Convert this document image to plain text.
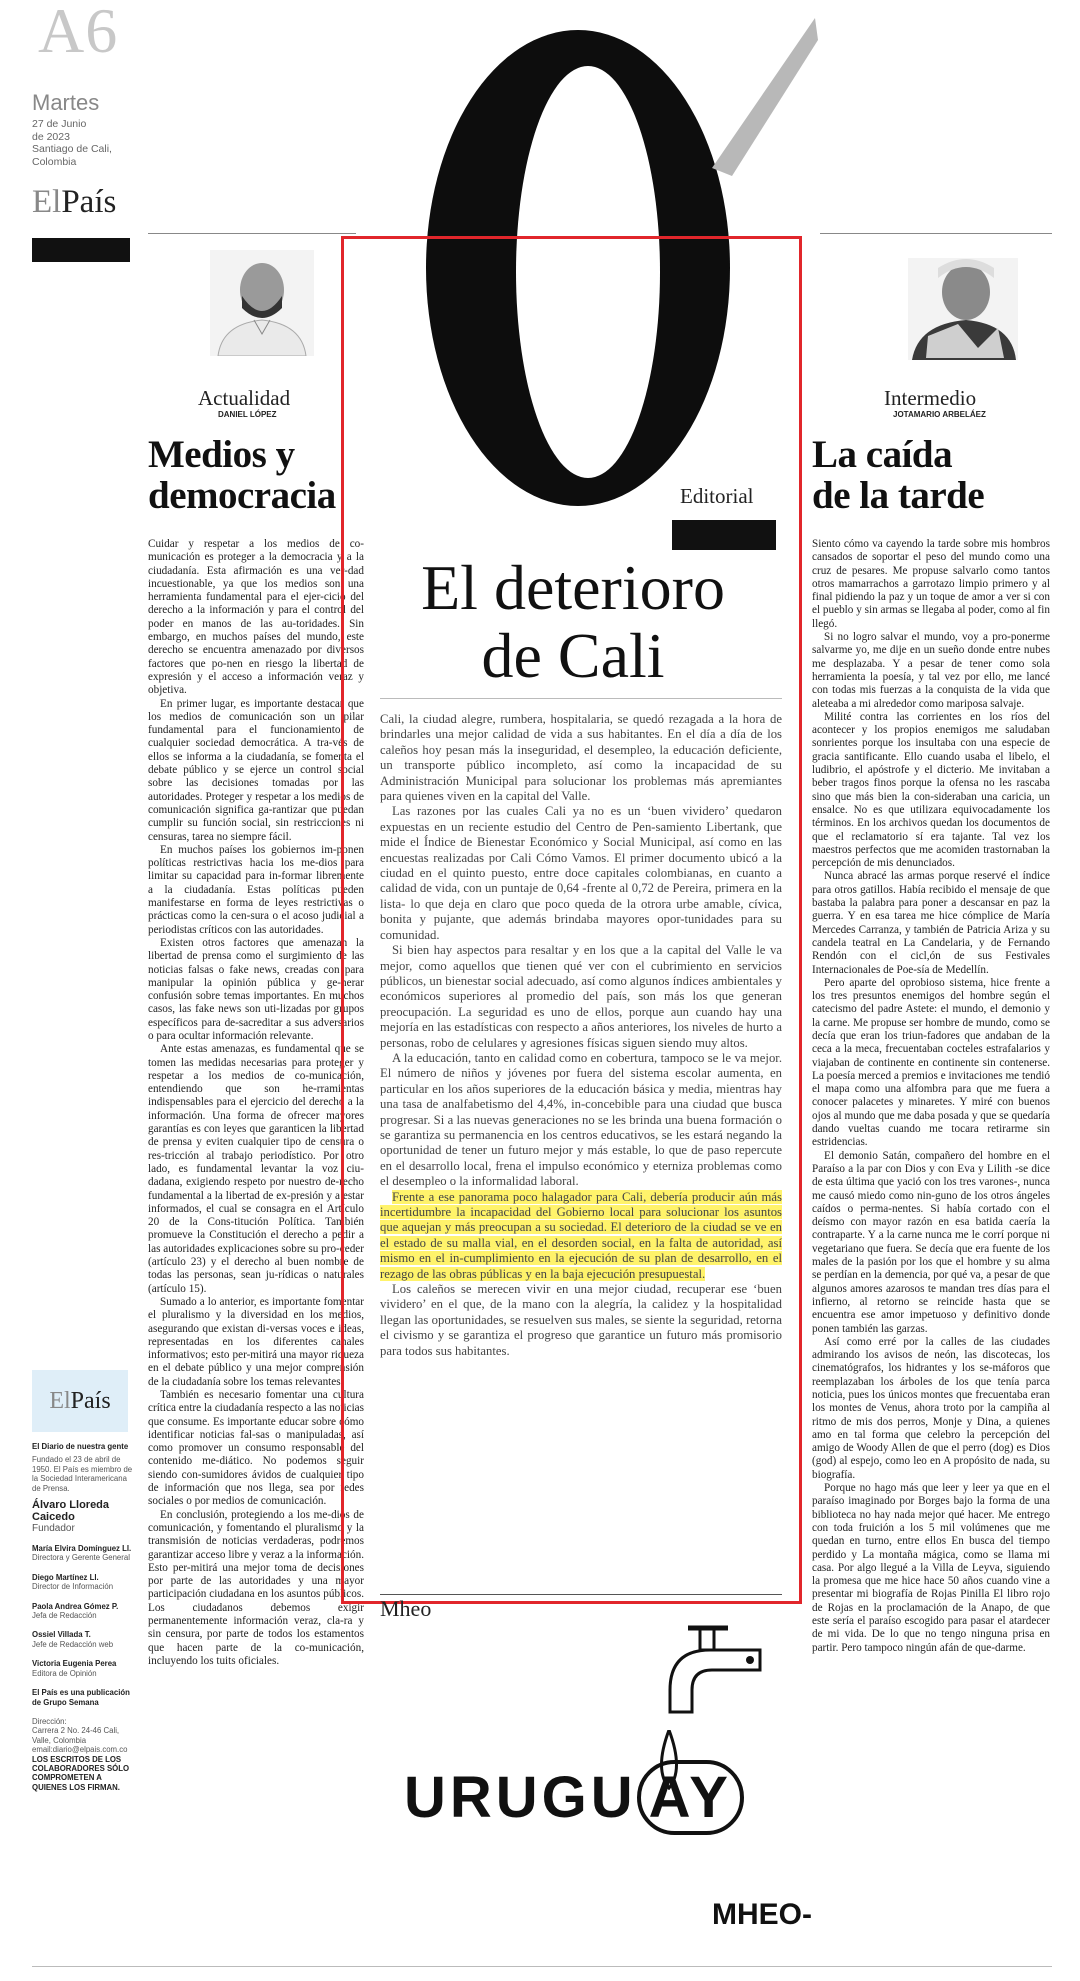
A6
Martes
27 de Junio
de 2023
Santiago de Cali,
Colombia
ElPaís
Actualidad
DANIEL LÓPEZ
Intermedio
JOTAMARIO ARBELÁEZ
Medios y
democracia

Cuidar y respetar a los medios de co-municación es proteger a la democracia y a la ciudadanía. Esta afirmación es una ver-dad incuestionable, ya que los medios son una herramienta fundamental para el ejer-cicio del derecho a la información y para el control del poder en manos de las au-toridades. Sin embargo, en muchos países del mundo, este derecho se encuentra amenazado por diversos factores que po-nen en riesgo la libertad de expresión y el acceso a información veraz y objetiva.

En primer lugar, es importante destacar que los medios de comunicación son un pilar fundamental para el funcionamiento de cualquier sociedad democrática. A tra-vés de ellos se informa a la ciudadanía, se fomenta el debate público y se ejerce un control social sobre las decisiones tomadas por las autoridades. Proteger y respetar a los medios de comunicación significa ga-rantizar que puedan cumplir su función social, sin restricciones ni censuras, tarea no siempre fácil.

En muchos países los gobiernos im-ponen políticas restrictivas hacia los me-dios para limitar su capacidad para in-formar libremente a la ciudadanía. Estas políticas pueden manifestarse en forma de leyes restrictivas o prácticas como la cen-sura o el acoso judicial a periodistas críticos con las autoridades.

Existen otros factores que amenazan la libertad de prensa como el surgimiento de las noticias falsas o fake news, creadas con para manipular la opinión pública y ge-nerar confusión sobre temas importantes. En muchos casos, las fake news son uti-lizadas por grupos específicos para de-sacreditar a sus adversarios o para ocultar información relevante.

Ante estas amenazas, es fundamental que se tomen las medidas necesarias para proteger y respetar a los medios de co-municación, entendiendo que son he-rramientas indispensables para el ejercicio del derecho a la información. Una forma de ofrecer mayores garantías es con leyes que garanticen la libertad de prensa y eviten cualquier tipo de censura o res-tricción al trabajo periodístico. Por otro lado, es fundamental levantar la voz ciu-dadana, exigiendo respeto por nuestro de-recho fundamental a la libertad de ex-presión y a estar informados, el cual se consagra en el Artículo 20 de la Cons-titución Política. También promueve la Constitución el derecho a pedir a las autoridades explicaciones sobre su pro-ceder (artículo 23) y el derecho al buen nombre de todas las personas, sean ju-rídicas o naturales (artículo 15).

Sumado a lo anterior, es importante fomentar el pluralismo y la diversidad en los medios, asegurando que existan di-versas voces e ideas, representadas en los diferentes canales informativos; esto per-mitirá una mayor riqueza en el debate público y una mejor comprensión de la ciudadanía sobre los temas relevantes.

También es necesario fomentar una cultura crítica entre la ciudadanía respecto a las noticias que consume. Es importante educar sobre cómo identificar noticias fal-sas o manipuladas, así como promover un consumo responsable del contenido me-diático. No podemos seguir siendo con-sumidores ávidos de cualquier tipo de información que nos llega, sea por redes sociales o por medios de comunicación.

En conclusión, protegiendo a los me-dios de comunicación, y fomentando el pluralismo y la transmisión de noticias verdaderas, podremos garantizar acceso libre y veraz a la información. Esto per-mitirá una mejor toma de decisiones por parte de las autoridades y una mayor participación ciudadana en los asuntos públicos. Los ciudadanos debemos exigir permanentemente información veraz, cla-ra y sin censura, por parte de todos los estamentos que hacen parte de la co-municación, incluyendo los tuits oficiales.

Editorial
El deterioro
de Cali

Cali, la ciudad alegre, rumbera, hospitalaria, se quedó rezagada a la hora de brindarles una mejor calidad de vida a sus habitantes. En el día a día de los caleños hoy pesan más la inseguridad, el desempleo, la educación deficiente, un transporte público incompleto, así como la incapacidad de su Administración Municipal para solucionar los problemas más apremiantes para quienes viven en la capital del Valle.

Las razones por las cuales Cali ya no es un ‘buen vividero’ quedaron expuestas en un reciente estudio del Centro de Pen-samiento Libertank, que mide el Índice de Bienestar Económico y Social Municipal, así como en las encuestas realizadas por Cali Cómo Vamos. El primer documento ubicó a la ciudad en el quinto puesto, entre doce capitales colombianas, en cuanto a calidad de vida, con un puntaje de 0,64 -frente al 0,72 de Pereira, primera en la lista- lo que deja en claro que poco queda de la otrora urbe amable, cívica, bonita y pujante, que además brindaba mayores opor-tunidades para su comunidad.

Si bien hay aspectos para resaltar y en los que a la capital del Valle le va mejor, como aquellos que tienen qué ver con el cubrimiento en servicios públicos, un bienestar social adecuado, así como algunos índices ambientales y económicos superiores al promedio del país, son más los que generan preocupación. La seguridad es uno de ellos, porque aun cuando hay una mejoría en las estadísticas con respecto a años anteriores, los niveles de hurto a personas, robo de celulares y agresiones físicas siguen siendo muy altos.

A la educación, tanto en calidad como en cobertura, tampoco se le va mejor. El número de niños y jóvenes por fuera del sistema escolar aumenta, en particular en los años superiores de la educación básica y media, mientras hay una tasa de analfabetismo del 4,4%, in-concebible para una ciudad que busca progresar. Si a las nuevas generaciones no se les brinda una buena formación o se garantiza su permanencia en los centros educativos, se les estará negando la oportunidad de tener un futuro mejor y más estable, lo que de paso repercute en el desarrollo local, frena el impulso económico y eterniza problemas como el desempleo o la informalidad laboral.

Frente a ese panorama poco halagador para Cali, debería producir aún más incertidumbre la incapacidad del Gobierno local para solucionar los asuntos que aquejan y más preocupan a su sociedad. El deterioro de la ciudad se ve en el estado de su malla vial, en el desorden social, en la falta de autoridad, así mismo en el in-cumplimiento en la ejecución de su plan de desarrollo, en el rezago de las obras públicas y en la baja ejecución presupuestal.

Los caleños se merecen vivir en una mejor ciudad, recuperar ese ‘buen vividero’ en el que, de la mano con la alegría, la calidez y la hospitalidad llegan las oportunidades, se resuelven sus males, se siente la seguridad, retorna el civismo y se garantiza el progreso que garantice un futuro más promisorio para todos sus habitantes.

Mheo
URUGU AY
MHEO-
La caída
de la tarde

Siento cómo va cayendo la tarde sobre mis hombros cansados de soportar el peso del mundo como una cruz de pesares. Me propuse salvarlo como tantos otros mamarrachos a garrotazo limpio primero y al final pidiendo la paz y un toque de amor a ver si con el pueblo y sin armas se llegaba al poder, como al fin llegó.

Si no logro salvar el mundo, voy a pro-ponerme salvarme yo, me dije en un sueño donde entre nubes me desplazaba. Y a pesar de tener como sola herramienta la poesía, y tal vez por ello, me lancé con todas mis fuerzas a la conquista de la vida que aleteaba a mi alrededor como mariposa salvaje.

Milité contra las corrientes en los ríos del acontecer y los propios enemigos me saludaban sonrientes porque los insultaba con una especie de gracia santificante. Ello cuando usaba el libelo, el ludibrio, el apóstrofe y el dicterio. Me invitaban a beber tragos finos porque la ofensa no les rascaba sino que más bien la con-sideraban una caricia, un ensalce. No es que utilizara equivocadamente los términos. En los archivos quedan los documentos de que el reclamatorio sí era tajante. Tal vez los maestros perfectos que me acomiden trastornaban la percepción de mis denunciados.

Nunca abracé las armas porque reservé el índice para otros gatillos. Había recibido el mensaje de que bastaba la palabra para poner a descansar en paz la guerra. Y en esa tarea me hice cómplice de María Mercedes Carranza, y también de Patricia Ariza y su candela teatral en La Candelaria, y de Fernando Rendón con el cicl,ón de sus Festivales Internacionales de Poe-sía de Medellín.

Pero aparte del oprobioso sistema, hice frente a los tres presuntos enemigos del hombre según el catecismo del padre Astete: el mundo, el demonio y la carne. Me propuse ser hombre de mundo, como se decía que eran los triun-fadores que andaban de la ceca a la meca, frecuentaban cocteles estrafalarios y viajaban de continente en continente sin contenerse. La poesía merced a premios e invitaciones me tendió el mapa como una alfombra para que me fuera a conocer palacetes y minaretes. Y miré con buenos ojos al mundo que me daba posada y que se quedaría dando vueltas cuando me tocara retirarme sin estridencias.

El demonio Satán, compañero del hombre en el Paraíso a la par con Dios y con Eva y Lilith -se dice de esta última que yació con los tres varones-, nunca me causó miedo como nin-guno de los otros ángeles caídos o perma-nentes. Si había cortado con el deísmo con mayor razón en esa batida caería la contraparte. Y a la carne nunca me le corrí porque ni vegetariano que fuera. Se decía que era fuente de los males de la pasión por los que el hombre y su alma se perdían en la demencia, por qué va, a pesar de que algunos amores azarosos te mandan tres días para el infierno, al retorno se reincide hasta que se encuentra ese amor impetuoso y definitivo donde ponen también las garzas.

Así como erré por la calles de las ciudades admirando los avisos de neón, las discotecas, los cinematógrafos, los hidrantes y los se-máforos que reemplazaban los árboles de los que tenía parca noticia, pues los únicos montes que frecuentaba eran los montes de Venus, ahora troto por la campiña al ritmo de mis dos perros, Monje y Dina, a quienes amo en tal forma que celebro la percepción del amigo de Woody Allen de que el perro (dog) es Dios (god) al espejo, como leo en A propósito de nada, su biografía.

Porque no hago más que leer y leer ya que en el paraíso imaginado por Borges bajo la forma de una biblioteca no hay nada mejor qué hacer. Me entrego con toda fruición a los 5 mil volúmenes que me quedan en turno, entre ellos En busca del tiempo perdido y La montaña mágica, como se llama mi casa. Por algo llegué a la Villa de Leyva, siguiendo la promesa que me hice hace 50 años cuando vine a presentar mi biografía de Rojas Pinilla El libro rojo de Rojas en la proclamación de la Anapo, de que este sería el paraíso escogido para pasar el atardecer de mi vida. De lo que no tengo ninguna prisa en partir. Pero tampoco ningún afán de que-darme.

ElPaís
El Diario de nuestra gente
Fundado el 23 de abril de 1950. El País es miembro de la Sociedad Interamericana de Prensa.
Álvaro Lloreda Caicedo
Fundador
María Elvira Domínguez Ll.
Directora y Gerente General
Diego Martínez Ll.
Director de Información
Paola Andrea Gómez P.
Jefa de Redacción
Ossiel Villada T.
Jefe de Redacción web
Victoria Eugenia Perea
Editora de Opinión
El País es una publicación de Grupo Semana
Dirección:
Carrera 2 No. 24-46 Cali, Valle, Colombia
email:diario@elpais.com.co
LOS ESCRITOS DE LOS COLABORADORES SÓLO COMPROMETEN A QUIENES LOS FIRMAN.
